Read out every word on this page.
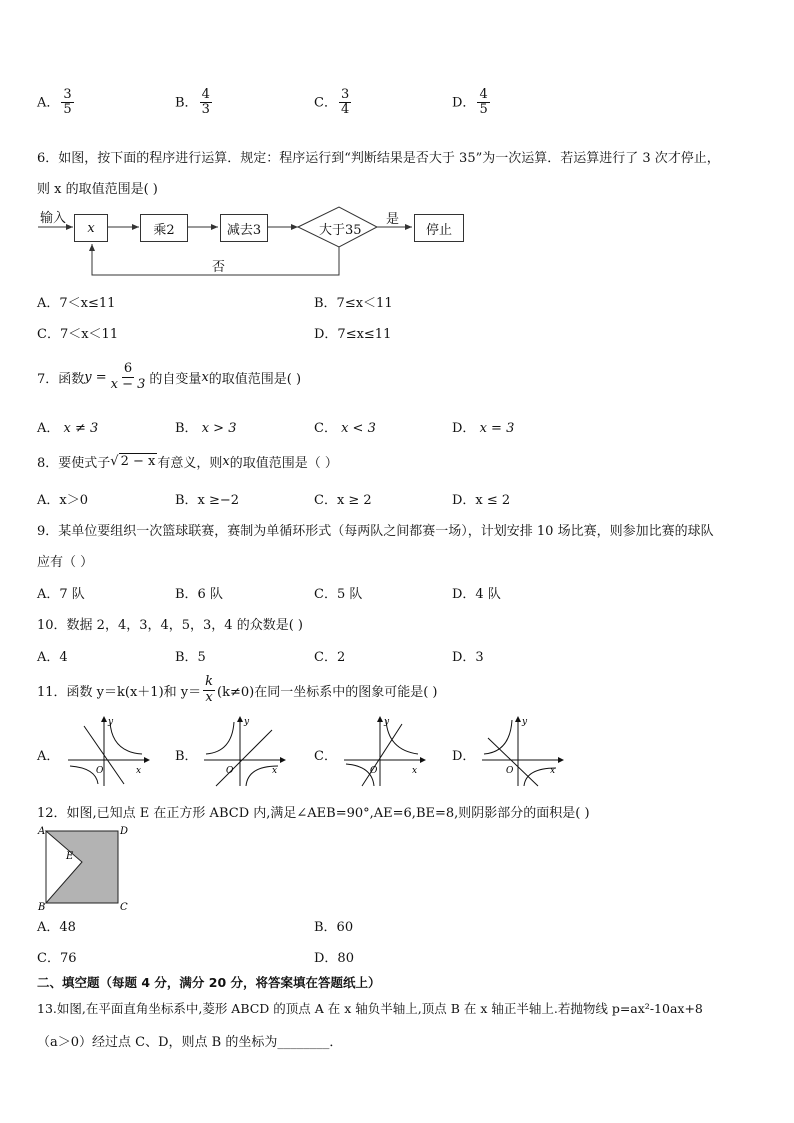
A． $\frac{3}{5}$	B． $\frac{4}{3}$	C． $\frac{3}{4}$	D． $\frac{4}{5}$
6．如图，按下面的程序进行运算．规定：程序运行到“判断结果是否大于 35”为一次运算．若运算进行了 3 次才停止，
则 x 的取值范围是( )
输入
x	乘2	减去3	大于35
是
停止
否
A．7＜x≤11	B．7≤x＜11
C．7＜x＜11	D．7≤x≤11
7．函数 $y = \frac{6}{x - 3}$ 的自变量 x 的取值范围是( )
A． x ≠ 3	B． x > 3	C． x < 3	D． x = 3
8．要使式子 √ 2 − x 有意义，则 x 的取值范围是（ ）
A．x＞0	B．x ≥−2	C．x ≥ 2	D．x ≤ 2
9．某单位要组织一次篮球联赛，赛制为单循环形式（每两队之间都赛一场），计划安排 10 场比赛，则参加比赛的球队
应有（ ）
A．7 队	B．6 队	C．5 队	D．4 队
10．数据 2，4，3，4，5，3，4 的众数是( )
A．4	B．5	C．2	D．3
11．函数 y＝k(x＋1)和 $y= \frac{k}{x} (k\ne 0)$在同一坐标系中的图象可能是( )
A．	B．	C．	D．
y
x
O
y
x
O
y
x
O
y
x
O
12．如图,已知点 E 在正方形 ABCD 内,满足∠AEB=90°,AE=6,BE=8,则阴影部分的面积是( )
A	D
B	C
E
A．48	B．60
C．76	D．80
二、填空题（每题 4 分，满分 20 分，将答案填在答题纸上）
13.如图,在平面直角坐标系中,菱形 ABCD 的顶点 A 在 x 轴负半轴上,顶点 B 在 x 轴正半轴上.若抛物线 p=ax²-10ax+8
（a＞0）经过点 C、D，则点 B 的坐标为________．
